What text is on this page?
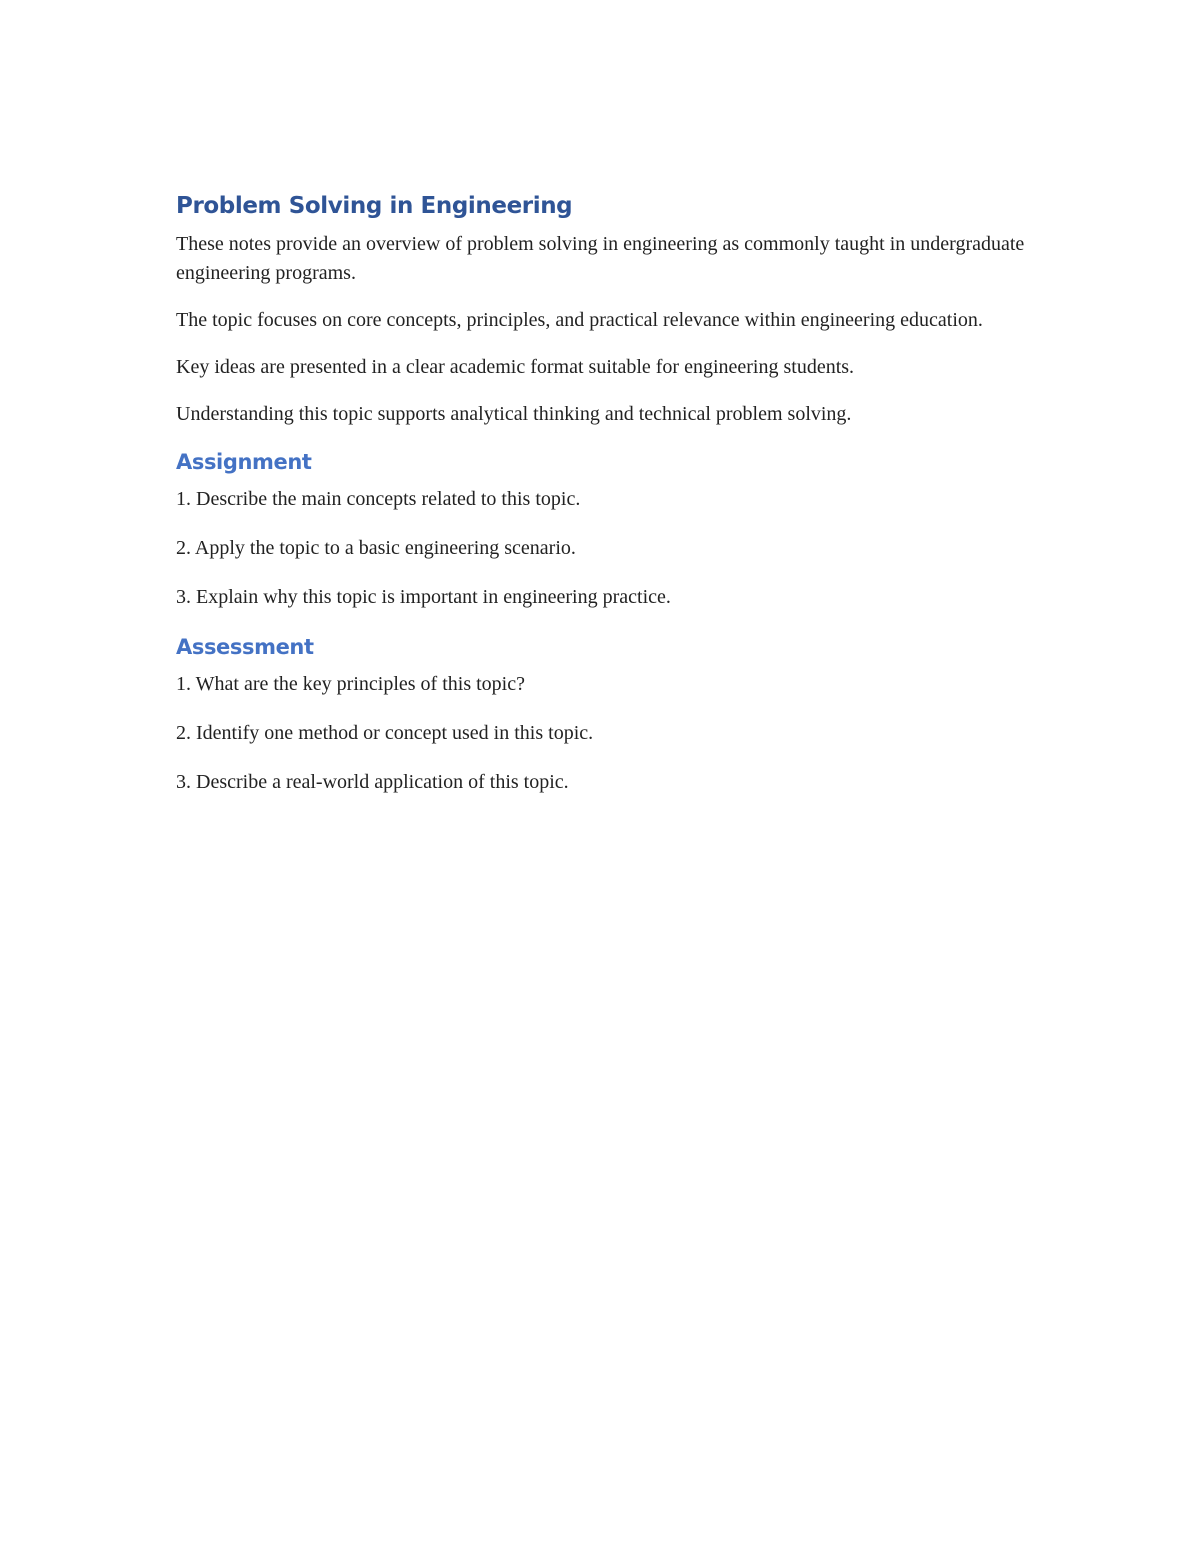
Problem Solving in Engineering

These notes provide an overview of problem solving in engineering as commonly taught in undergraduate engineering programs.

The topic focuses on core concepts, principles, and practical relevance within engineering education.

Key ideas are presented in a clear academic format suitable for engineering students.

Understanding this topic supports analytical thinking and technical problem solving.

Assignment
1. Describe the main concepts related to this topic.
2. Apply the topic to a basic engineering scenario.
3. Explain why this topic is important in engineering practice.
Assessment
1. What are the key principles of this topic?
2. Identify one method or concept used in this topic.
3. Describe a real-world application of this topic.
